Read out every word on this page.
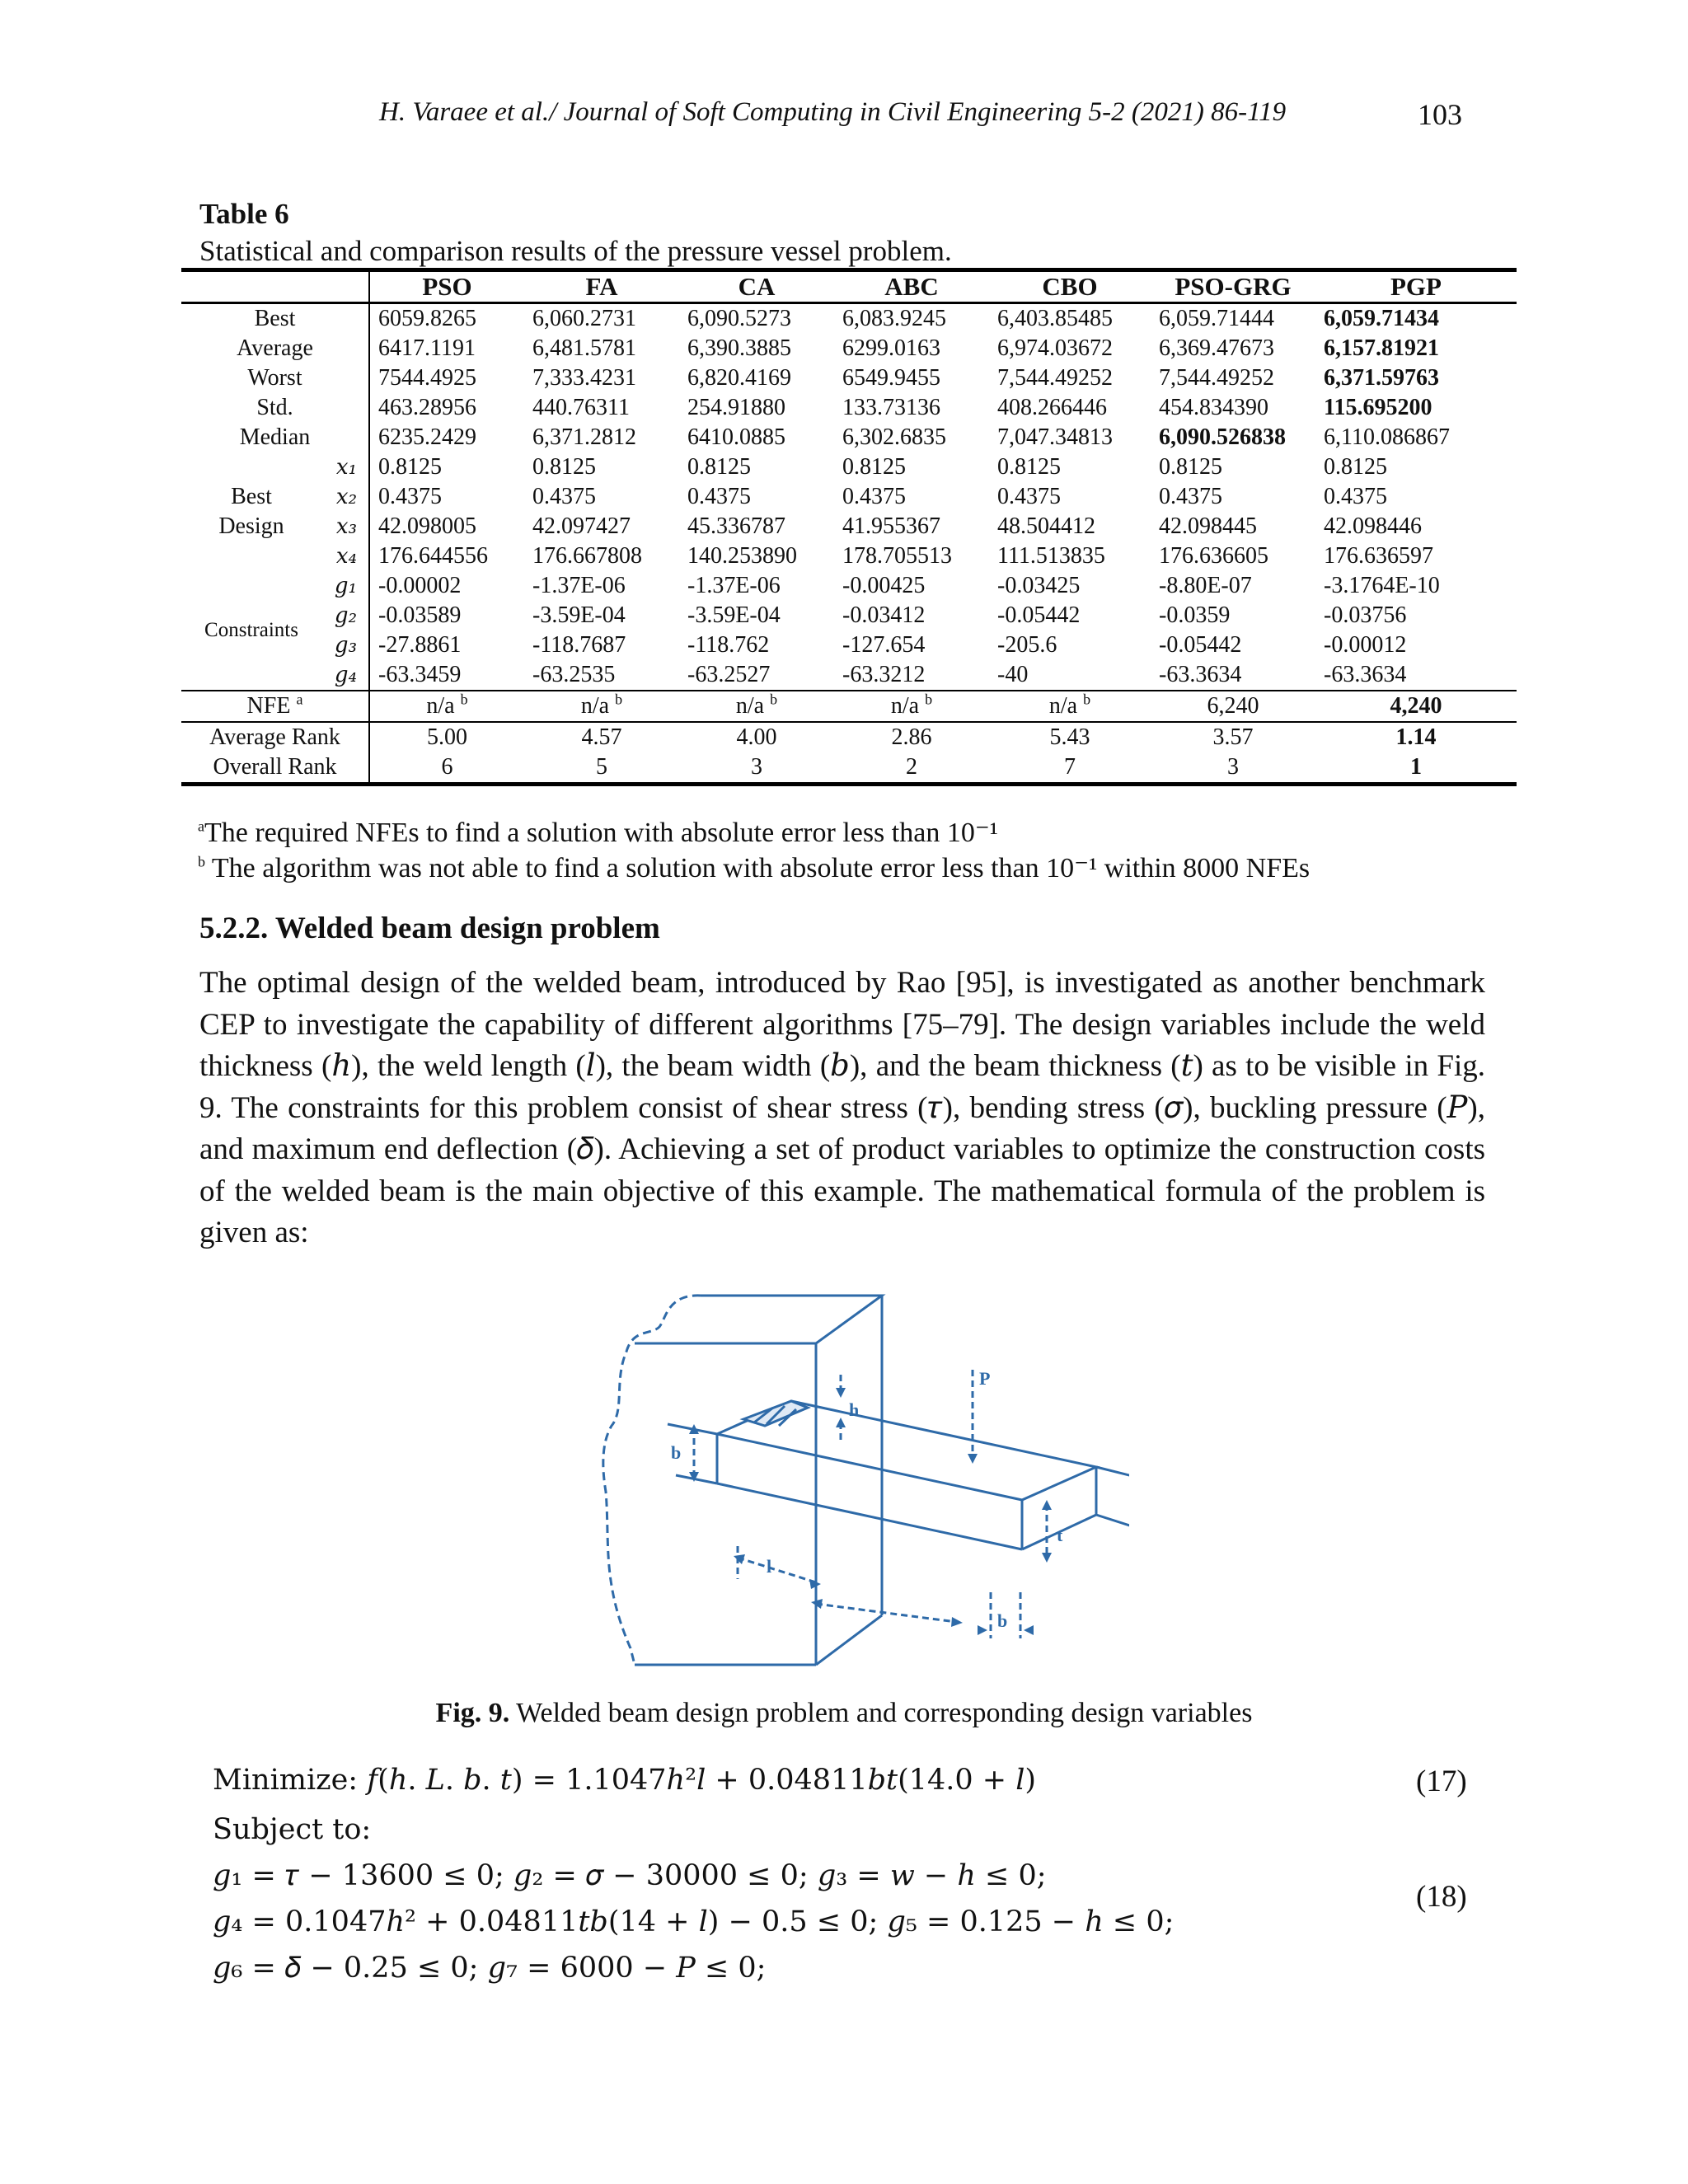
H. Varaee et al./ Journal of Soft Computing in Civil Engineering 5-2 (2021) 86-119	103
Table 6
Statistical and comparison results of the pressure vessel problem.
		PSO	FA	CA	ABC	CBO	PSO-GRG	PGP
Best		6059.8265	6,060.2731	6,090.5273	6,083.9245	6,403.85485	6,059.71444	6,059.71434
Average		6417.1191	6,481.5781	6,390.3885	6299.0163	6,974.03672	6,369.47673	6,157.81921
Worst		7544.4925	7,333.4231	6,820.4169	6549.9455	7,544.49252	7,544.49252	6,371.59763
Std.		463.28956	440.76311	254.91880	133.73136	408.266446	454.834390	115.695200
Median		6235.2429	6,371.2812	6410.0885	6,302.6835	7,047.34813	6,090.526838	6,110.086867

Best
Design	x₁	0.8125	0.8125	0.8125	0.8125	0.8125	0.8125	0.8125
	x₂	0.4375	0.4375	0.4375	0.4375	0.4375	0.4375	0.4375
	x₃	42.098005	42.097427	45.336787	41.955367	48.504412	42.098445	42.098446
	x₄	176.644556	176.667808	140.253890	178.705513	111.513835	176.636605	176.636597
Constraints	g₁	-0.00002	-1.37E-06	-1.37E-06	-0.00425	-0.03425	-8.80E-07	-3.1764E-10
	g₂	-0.03589	-3.59E-04	-3.59E-04	-0.03412	-0.05442	-0.0359	-0.03756
	g₃	-27.8861	-118.7687	-118.762	-127.654	-205.6	-0.05442	-0.00012
	g₄	-63.3459	-63.2535	-63.2527	-63.3212	-40	-63.3634	-63.3634
NFE $^a$		n/a $^b$	n/a $^b$	n/a $^b$	n/a $^b$	n/a $^b$	6,240	4,240
Average Rank		5.00	4.57	4.00	2.86	5.43	3.57	1.14
Overall Rank		6	5	3	2	7	3	1
$^a$The required NFEs to find a solution with absolute error less than 10⁻¹
$^b$ The algorithm was not able to find a solution with absolute error less than 10⁻¹ within 8000 NFEs
5.2.2. Welded beam design problem
The optimal design of the welded beam, introduced by Rao [95], is investigated as another benchmark CEP to investigate the capability of different algorithms [75–79]. The design variables include the weld thickness (ℎ), the weld length (𝑙), the beam width (𝑏), and the beam thickness (𝑡) as to be visible in Fig. 9. The constraints for this problem consist of shear stress (𝜏), bending stress (𝜎), buckling pressure (𝑃), and maximum end deflection (𝛿). Achieving a set of product variables to optimize the construction costs of the welded beam is the main objective of this example. The mathematical formula of the problem is given as:
h
P
b
l
t
b
Fig. 9. Welded beam design problem and corresponding design variables
Minimize: 𝑓(ℎ. 𝐿. 𝑏. 𝑡) = 1.1047ℎ²𝑙 + 0.04811𝑏𝑡(14.0 + 𝑙)
Subject to:
𝑔₁ = 𝜏 − 13600 ≤ 0; 𝑔₂ = 𝜎 − 30000 ≤ 0; 𝑔₃ = 𝑤 − ℎ ≤ 0;
𝑔₄ = 0.1047ℎ² + 0.04811𝑡𝑏(14 + 𝑙) − 0.5 ≤ 0; 𝑔₅ = 0.125 − ℎ ≤ 0;
𝑔₆ = 𝛿 − 0.25 ≤ 0; 𝑔₇ = 6000 − 𝑃 ≤ 0;
(17)
(18)
